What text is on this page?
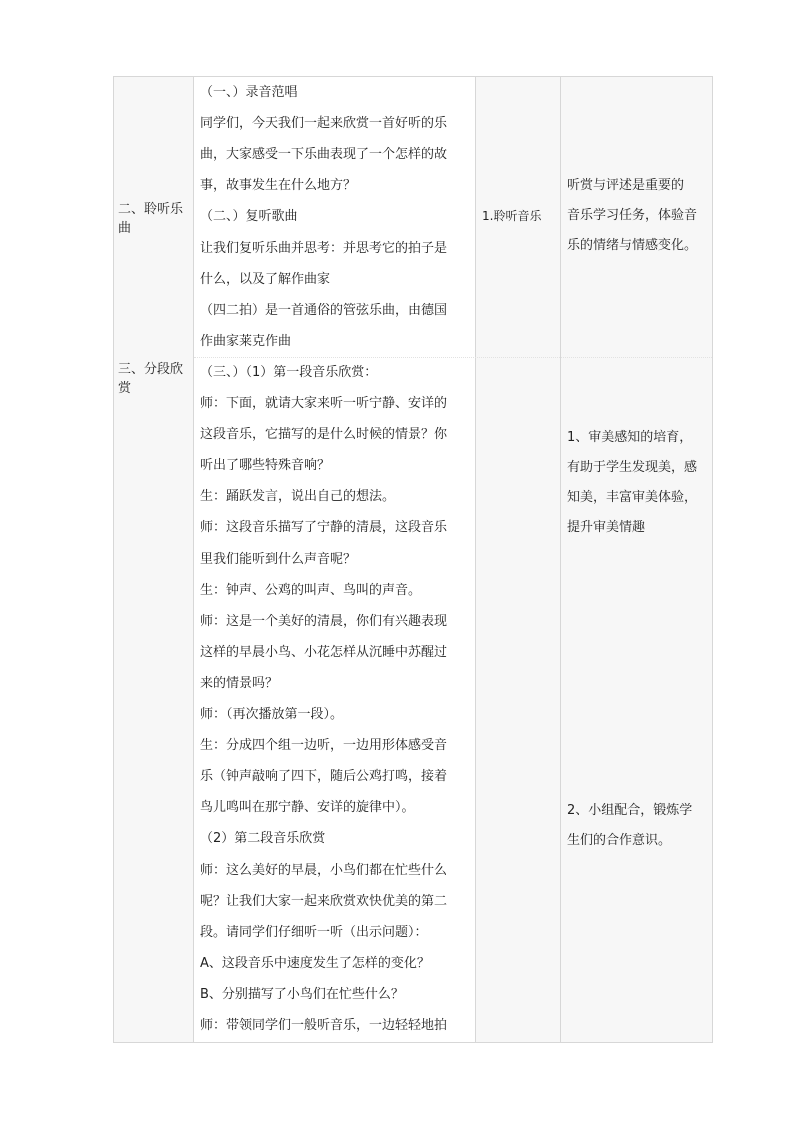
二、聆听乐曲
三、分段欣赏
（一、）录音范唱
同学们，今天我们一起来欣赏一首好听的乐
曲，大家感受一下乐曲表现了一个怎样的故
事，故事发生在什么地方？
（二、）复听歌曲
让我们复听乐曲并思考：并思考它的拍子是
什么，以及了解作曲家
（四二拍）是一首通俗的管弦乐曲，由德国
作曲家莱克作曲
（三、）（1）第一段音乐欣赏：
师：下面，就请大家来听一听宁静、安详的
这段音乐，它描写的是什么时候的情景？你
听出了哪些特殊音响？
生：踊跃发言，说出自己的想法。
师：这段音乐描写了宁静的清晨，这段音乐
里我们能听到什么声音呢？
生：钟声、公鸡的叫声、鸟叫的声音。
师：这是一个美好的清晨，你们有兴趣表现
这样的早晨小鸟、小花怎样从沉睡中苏醒过
来的情景吗？
师：（再次播放第一段）。
生：分成四个组一边听，一边用形体感受音
乐（钟声敲响了四下，随后公鸡打鸣，接着
鸟儿鸣叫在那宁静、安详的旋律中）。
（2）第二段音乐欣赏
师：这么美好的早晨，小鸟们都在忙些什么
呢？让我们大家一起来欣赏欢快优美的第二
段。请同学们仔细听一听（出示问题）：
A、这段音乐中速度发生了怎样的变化？
B、分别描写了小鸟们在忙些什么？
师：带领同学们一般听音乐，一边轻轻地拍
1.聆听音乐
听赏与评述是重要的
音乐学习任务，体验音
乐的情绪与情感变化。
1、审美感知的培育，
有助于学生发现美，感
知美，丰富审美体验，
提升审美情趣
2、小组配合，锻炼学
生们的合作意识。
